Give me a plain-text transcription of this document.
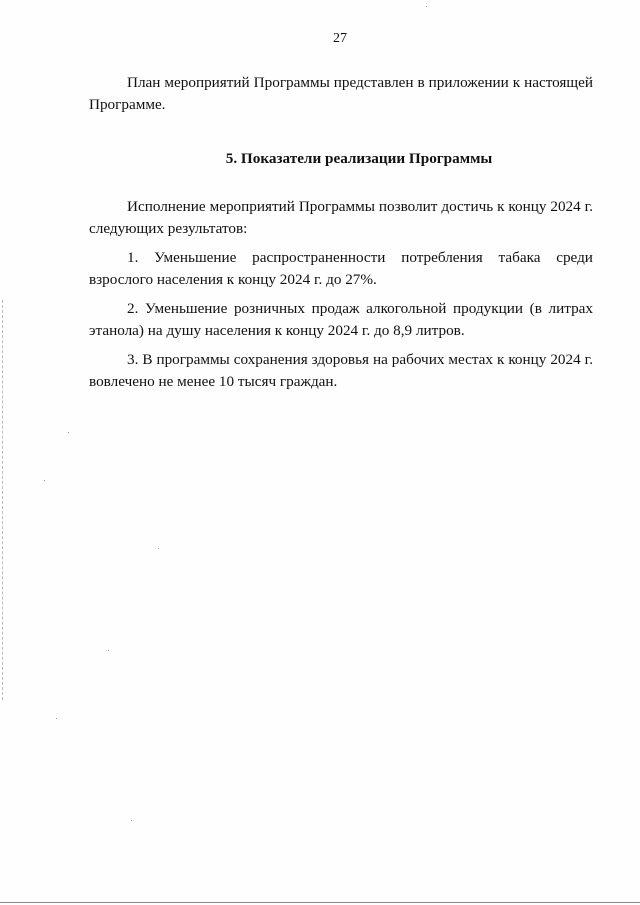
27

План мероприятий Программы представлен в приложении к настоящей Программе.

5. Показатели реализации Программы

Исполнение мероприятий Программы позволит достичь к концу 2024 г. следующих результатов:

1. Уменьшение распространенности потребления табака среди
взрослого населения к концу 2024 г. до 27%.

2. Уменьшение розничных продаж алкогольной продукции (в литрах этанола) на душу населения к концу 2024 г. до 8,9 литров.

3. В программы сохранения здоровья на рабочих местах к концу 2024 г. вовлечено не менее 10 тысяч граждан.
